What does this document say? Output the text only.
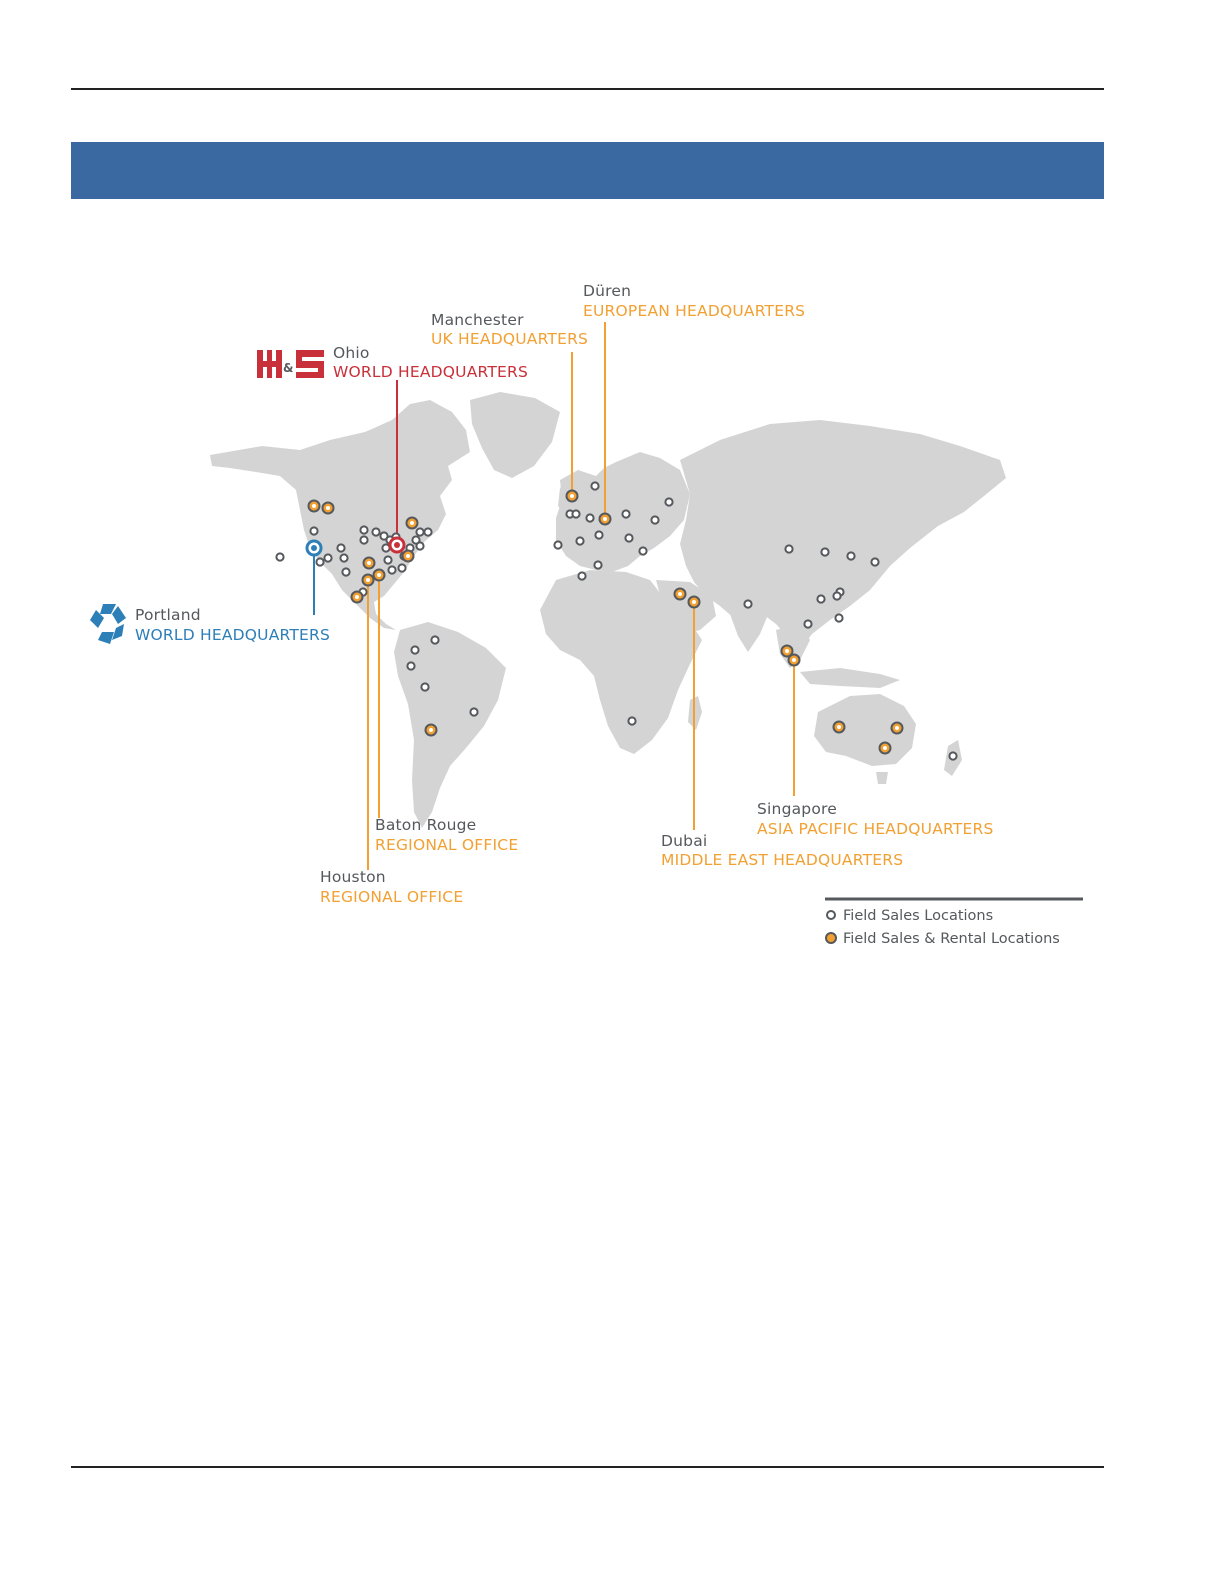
Düren
EUROPEAN HEADQUARTERS
Manchester
UK HEADQUARTERS
&
Ohio
WORLD HEADQUARTERS
Portland
WORLD HEADQUARTERS
Baton Rouge
REGIONAL OFFICE
Houston
REGIONAL OFFICE
Dubai
MIDDLE EAST HEADQUARTERS
Singapore
ASIA PACIFIC HEADQUARTERS
Field Sales Locations
Field Sales & Rental Locations
